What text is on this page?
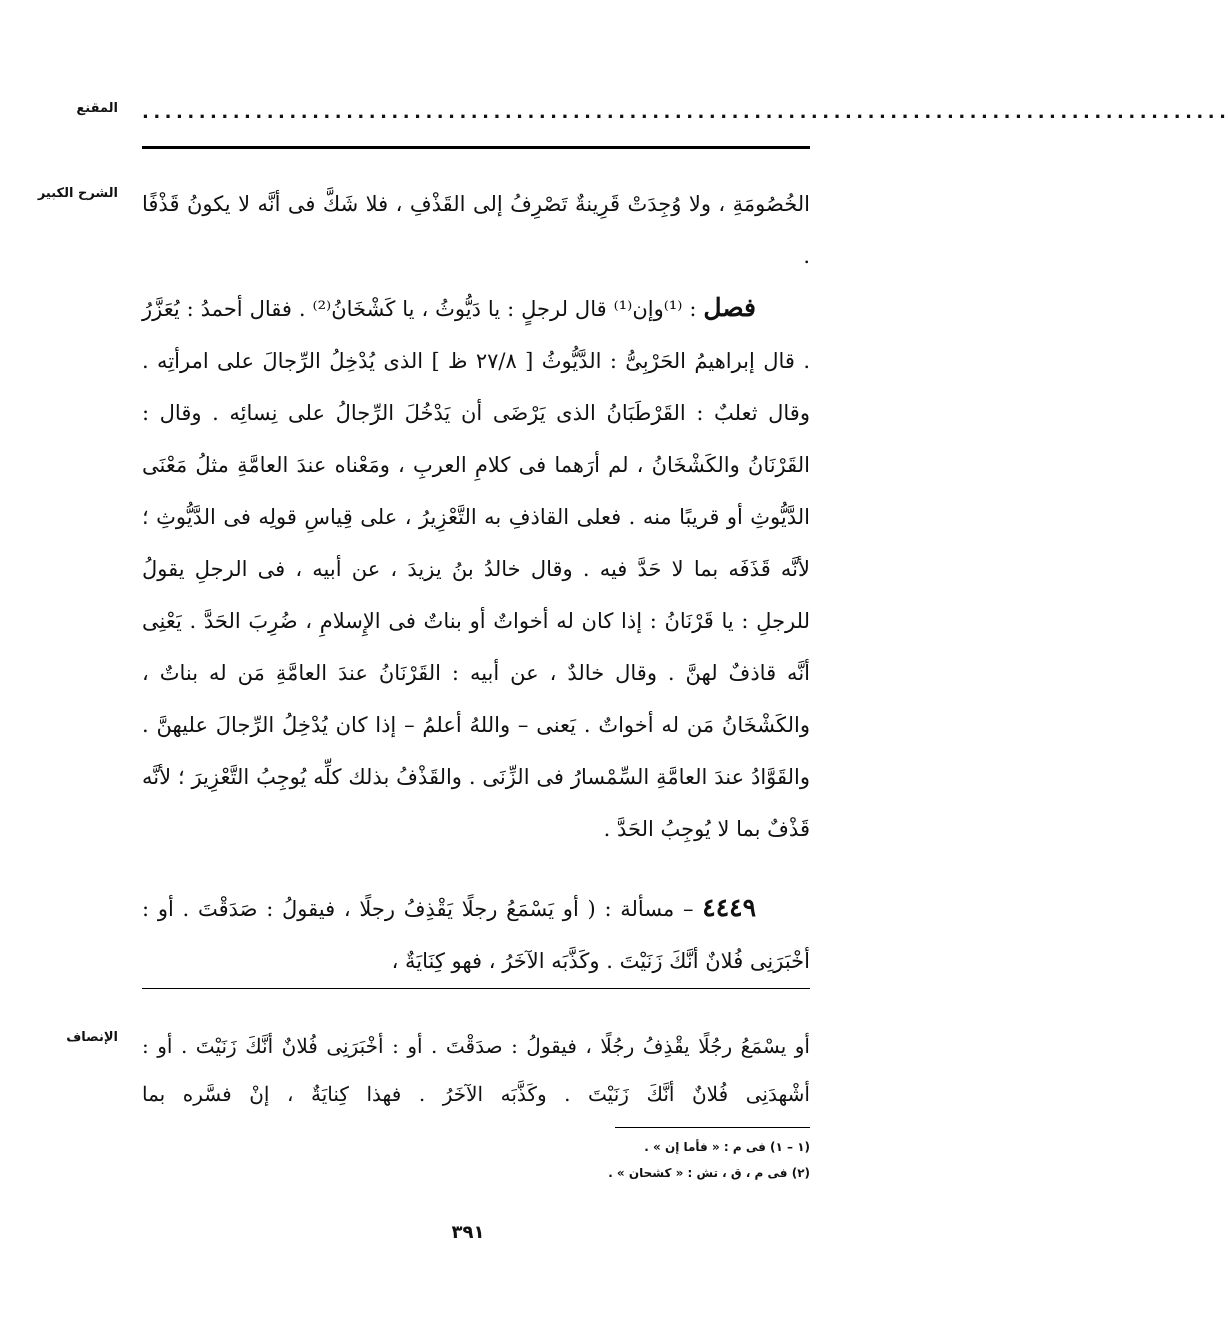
المقنع ................................................................................................
الشرح الكبير الخُصُومَةِ ، ولا وُجِدَتْ قَرِينةٌ تَصْرِفُ إلى القَذْفِ ، فلا شَكَّ فى أنَّه لا يكونُ قَذْفًا .

فصل : ⁽¹⁾وإن⁽¹⁾ قال لرجلٍ : يا دَيُّوثُ ، يا كَشْخَانُ⁽²⁾ . فقال أحمدُ : يُعَزَّرُ . قال إبراهيمُ الحَرْبِىُّ : الدَّيُّوثُ [ ٢٧/٨ ظ ] الذى يُدْخِلُ الرِّجالَ على امرأتِه . وقال ثعلبٌ : القَرْطَبَانُ الذى يَرْضَى أن يَدْخُلَ الرِّجالُ على نِسائِه . وقال : القَرْنَانُ والكَشْخَانُ ، لم أرَهما فى كلامِ العربِ ، ومَعْناه عندَ العامَّةِ مثلُ مَعْنَى الدَّيُّوثِ أو قريبًا منه . فعلى القاذفِ به التَّعْزِيرُ ، على قِياسِ قولِه فى الدَّيُّوثِ ؛ لأنَّه قَذَفَه بما لا حَدَّ فيه . وقال خالدُ بنُ يزيدَ ، عن أبيه ، فى الرجلِ يقولُ للرجلِ : يا قَرْنَانُ : إذا كان له أخواتٌ أو بناتٌ فى الإِسلامِ ، ضُرِبَ الحَدَّ . يَعْنِى أنَّه قاذفٌ لهنَّ . وقال خالدٌ ، عن أبيه : القَرْنَانُ عندَ العامَّةِ مَن له بناتٌ ، والكَشْخَانُ مَن له أخواتٌ . يَعنى – واللهُ أعلمُ – إذا كان يُدْخِلُ الرِّجالَ عليهنَّ . والقَوَّادُ عندَ العامَّةِ السِّمْسارُ فى الزِّنَى . والقَذْفُ بذلك كلِّه يُوجِبُ التَّعْزِيرَ ؛ لأنَّه قَذْفٌ بما لا يُوجِبُ الحَدَّ .

٤٤٤٩ – مسألة : ( أو يَسْمَعُ رجلًا يَقْذِفُ رجلًا ، فيقولُ : صَدَقْتَ . أو : أخْبَرَنِى فُلانٌ أنَّكَ زَنَيْتَ . وكَذَّبَه الآخَرُ ، فهو كِنَايَةٌ ،

الإنصاف أو يسْمَعُ رجُلًا يقْذِفُ رجُلًا ، فيقولُ : صدَقْتَ . أو : أخْبَرَنِى فُلانٌ أنَّكَ زَنَيْتَ . أو : أشْهدَنِى فُلانٌ أنَّكَ زَنَيْتَ . وكَذَّبَه الآخَرُ . فهذا كِنايَةٌ ، إنْ فسَّره بما

(١ – ١) فى م : « فأما إن » .
(٢) فى م ، ق ، تش : « كشحان » .
٣٩١
